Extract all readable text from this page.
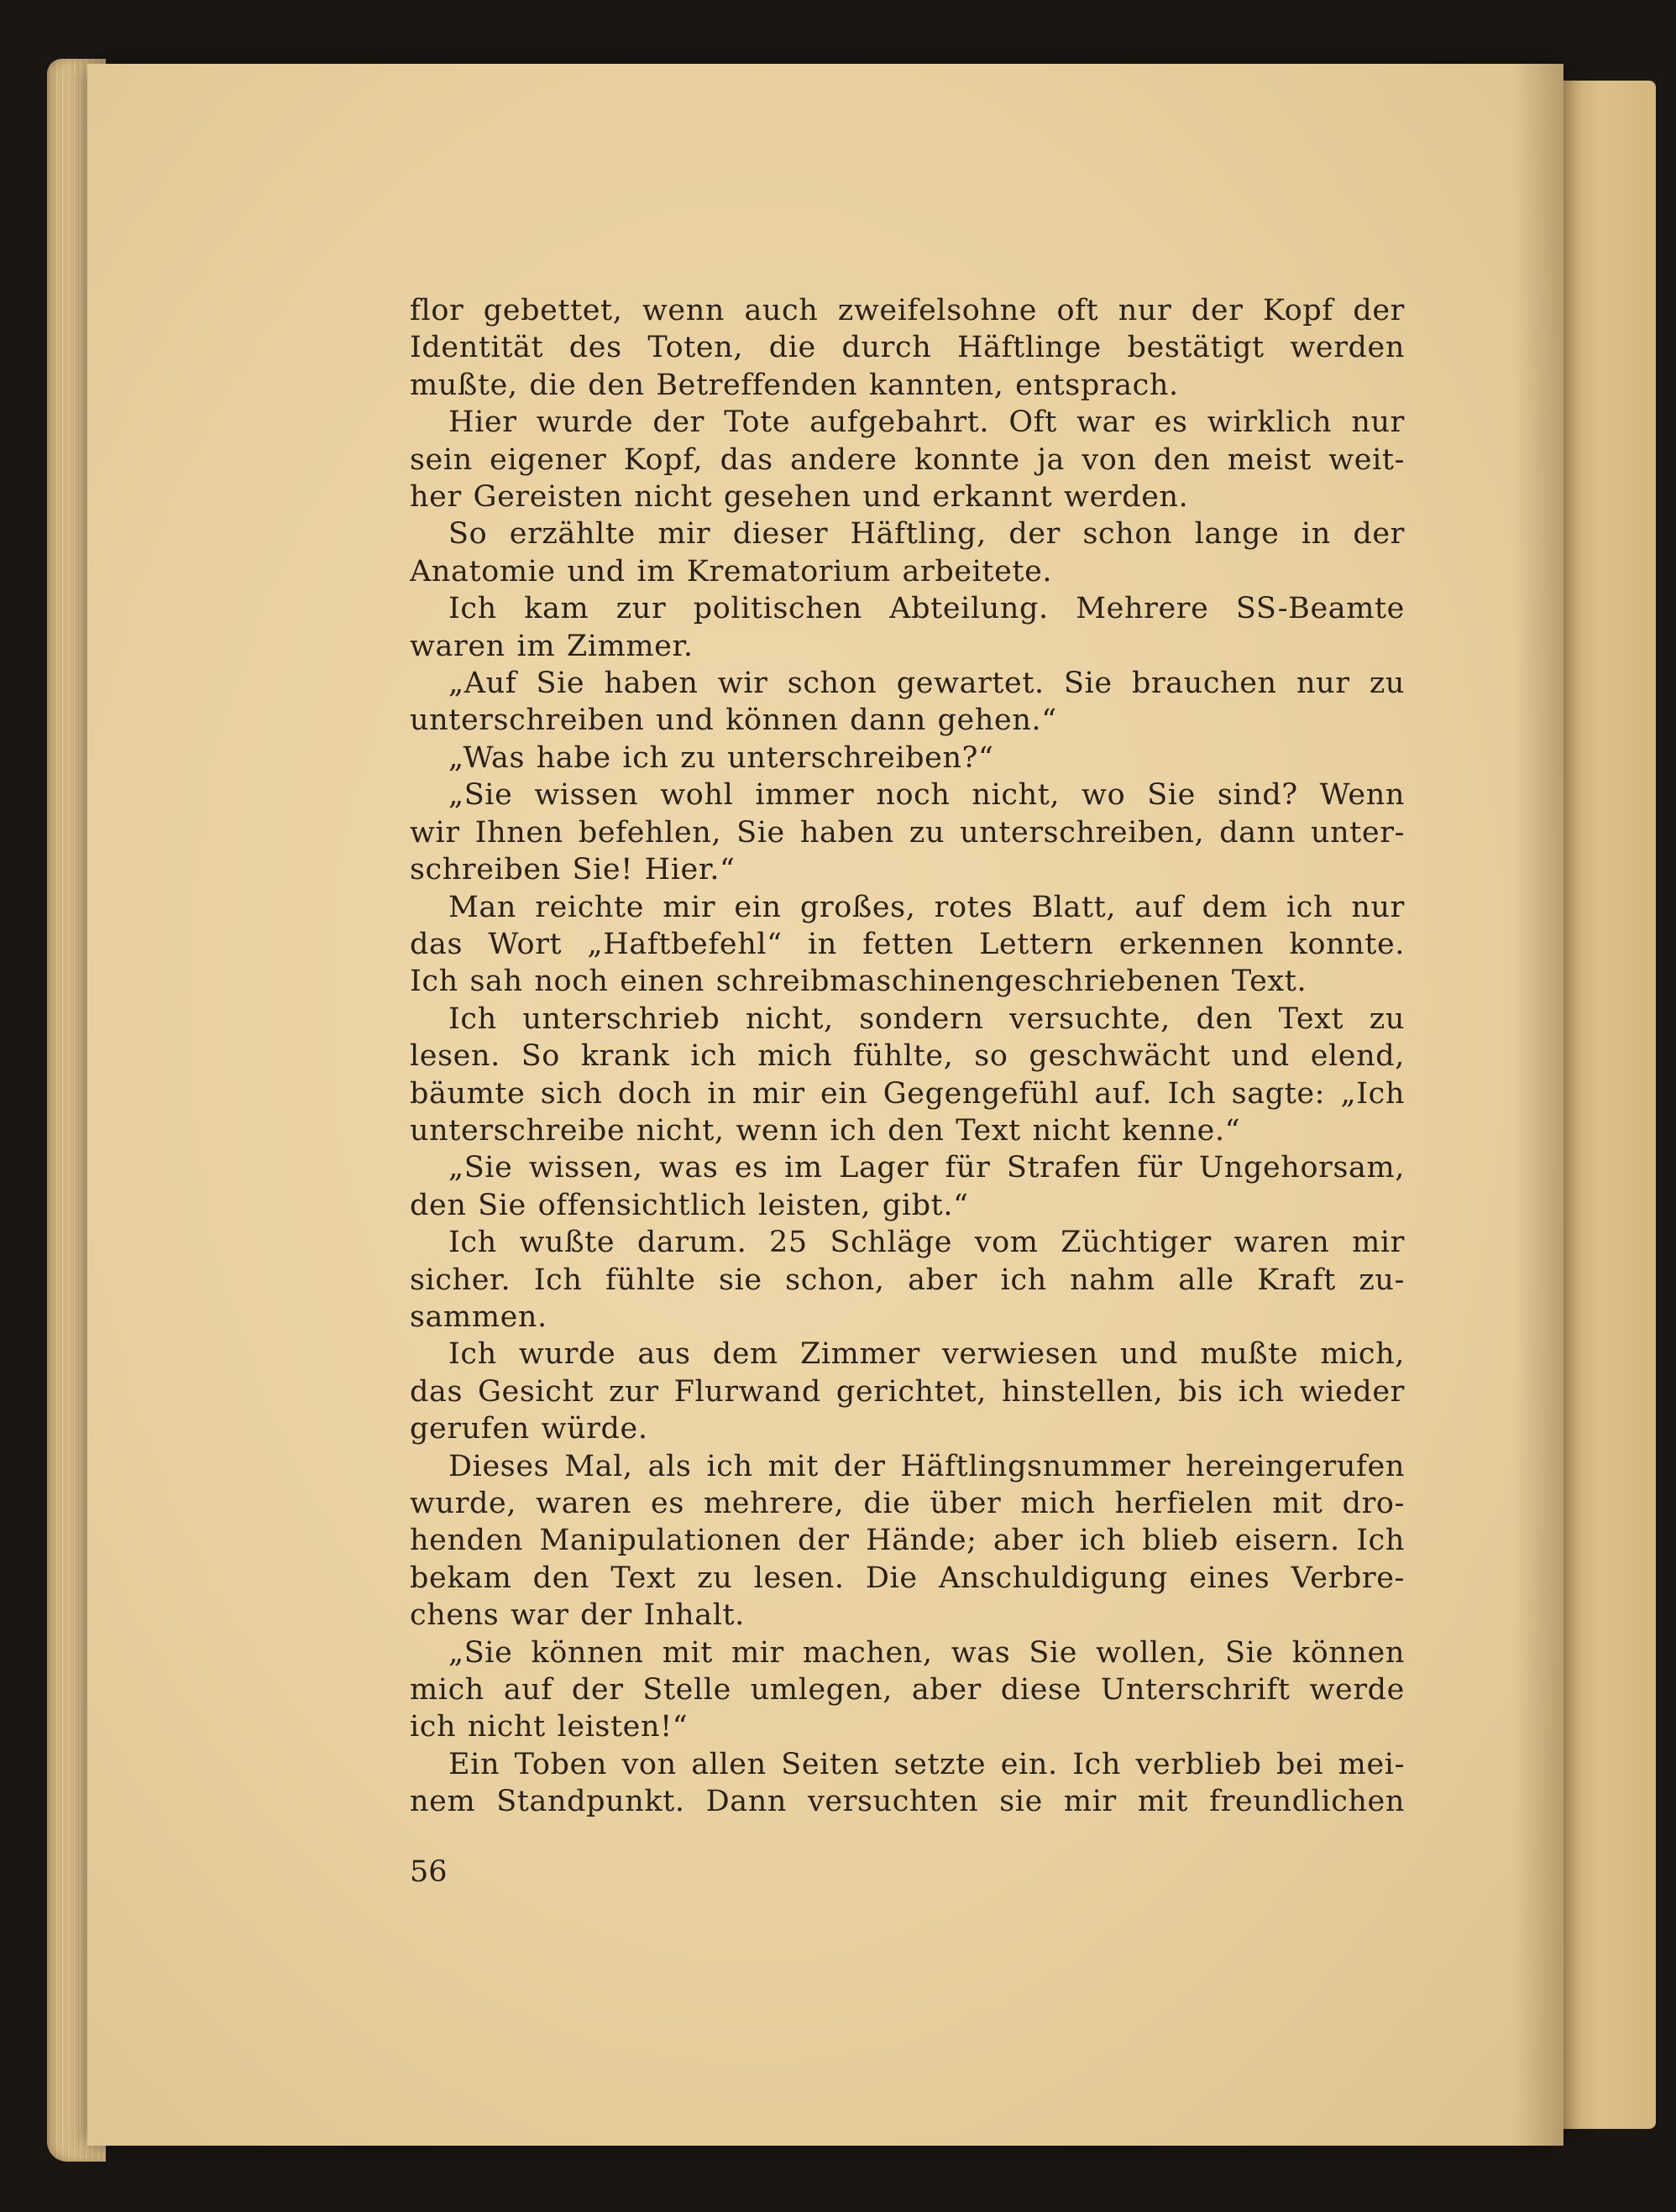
flor gebettet, wenn auch zweifelsohne oft nur der Kopf der
Identität des Toten, die durch Häftlinge bestätigt werden
mußte, die den Betreffenden kannten, entsprach.
Hier wurde der Tote aufgebahrt. Oft war es wirklich nur
sein eigener Kopf, das andere konnte ja von den meist weit-
her Gereisten nicht gesehen und erkannt werden.
So erzählte mir dieser Häftling, der schon lange in der
Anatomie und im Krematorium arbeitete.
Ich kam zur politischen Abteilung. Mehrere SS-Beamte
waren im Zimmer.
„Auf Sie haben wir schon gewartet. Sie brauchen nur zu
unterschreiben und können dann gehen.“
„Was habe ich zu unterschreiben?“
„Sie wissen wohl immer noch nicht, wo Sie sind? Wenn
wir Ihnen befehlen, Sie haben zu unterschreiben, dann unter-
schreiben Sie! Hier.“
Man reichte mir ein großes, rotes Blatt, auf dem ich nur
das Wort „Haftbefehl“ in fetten Lettern erkennen konnte.
Ich sah noch einen schreibmaschinengeschriebenen Text.
Ich unterschrieb nicht, sondern versuchte, den Text zu
lesen. So krank ich mich fühlte, so geschwächt und elend,
bäumte sich doch in mir ein Gegengefühl auf. Ich sagte: „Ich
unterschreibe nicht, wenn ich den Text nicht kenne.“
„Sie wissen, was es im Lager für Strafen für Ungehorsam,
den Sie offensichtlich leisten, gibt.“
Ich wußte darum. 25 Schläge vom Züchtiger waren mir
sicher. Ich fühlte sie schon, aber ich nahm alle Kraft zu-
sammen.
Ich wurde aus dem Zimmer verwiesen und mußte mich,
das Gesicht zur Flurwand gerichtet, hinstellen, bis ich wieder
gerufen würde.
Dieses Mal, als ich mit der Häftlingsnummer hereingerufen
wurde, waren es mehrere, die über mich herfielen mit dro-
henden Manipulationen der Hände; aber ich blieb eisern. Ich
bekam den Text zu lesen. Die Anschuldigung eines Verbre-
chens war der Inhalt.
„Sie können mit mir machen, was Sie wollen, Sie können
mich auf der Stelle umlegen, aber diese Unterschrift werde
ich nicht leisten!“
Ein Toben von allen Seiten setzte ein. Ich verblieb bei mei-
nem Standpunkt. Dann versuchten sie mir mit freundlichen
56
